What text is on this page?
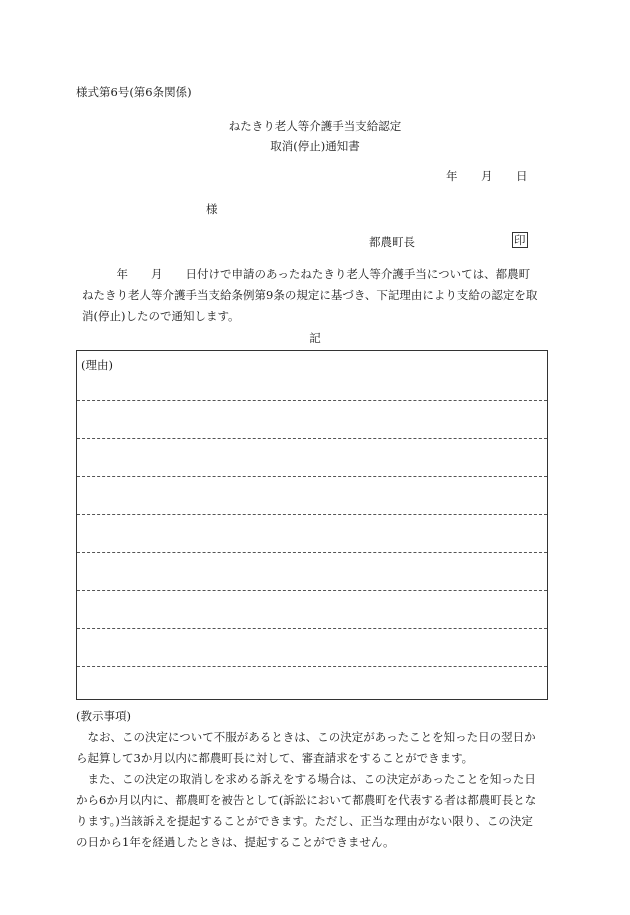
様式第6号(第6条関係)
ねたきり老人等介護手当支給認定
取消(停止)通知書
年 月 日
様
都農町長	印
　　　年　　月　　日付けで申請のあったねたきり老人等介護手当については、都農町
ねたきり老人等介護手当支給条例第9条の規定に基づき、下記理由により支給の認定を取
消(停止)したので通知します。
記
(理由)
(教示事項)
　なお、この決定について不服があるときは、この決定があったことを知った日の翌日か
ら起算して3か月以内に都農町長に対して、審査請求をすることができます。
　また、この決定の取消しを求める訴えをする場合は、この決定があったことを知った日
から6か月以内に、都農町を被告として(訴訟において都農町を代表する者は都農町長とな
ります。)当該訴えを提起することができます。ただし、正当な理由がない限り、この決定
の日から1年を経過したときは、提起することができません。
